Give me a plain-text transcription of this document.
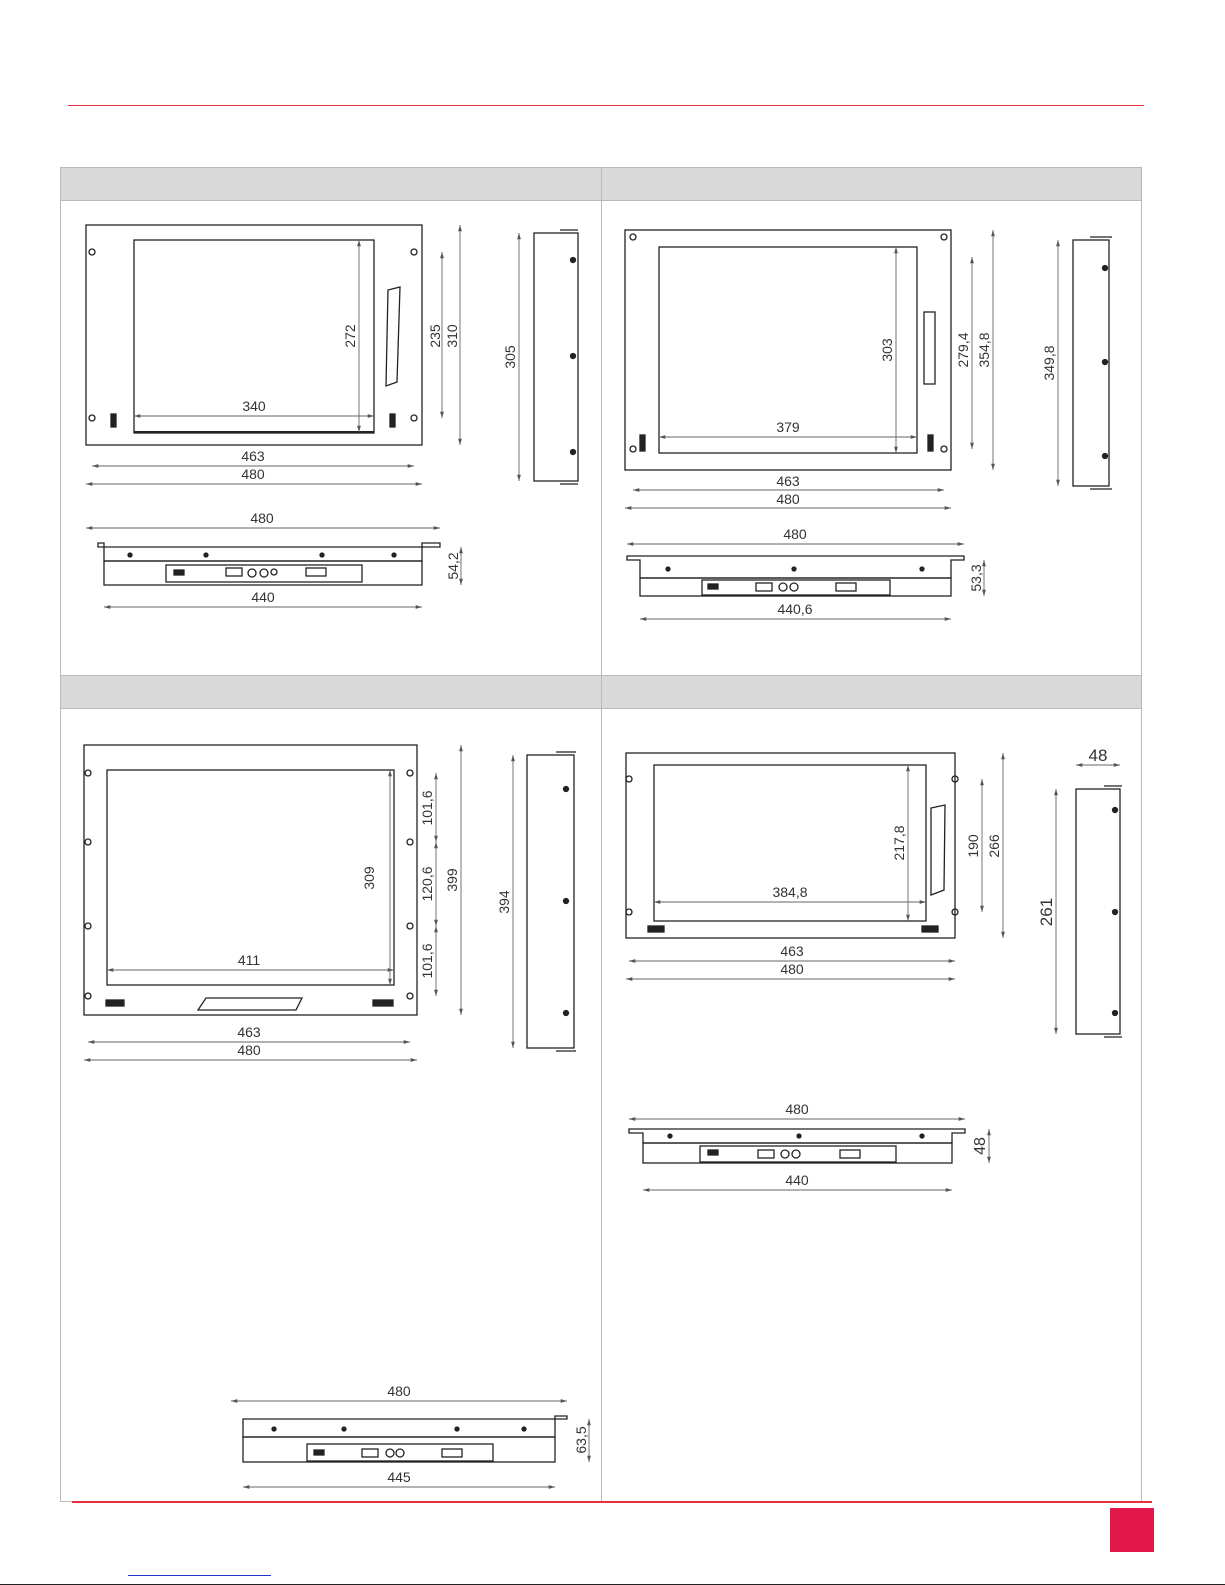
340
272	235 310
463
480
305
480
440
54,2
379
303	279,4 354,8
463
480
349,8
480
440,6
53,3
411
309
101,6
120,6
101,6
399
463
480
394
480
445
63,5
384,8
217,8	190 266
463
480
261
48
480
440
48
